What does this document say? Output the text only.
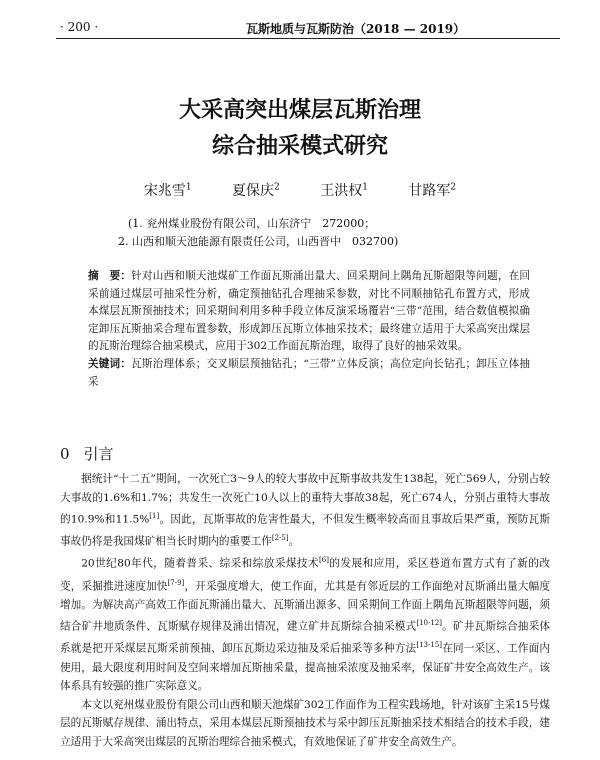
· 200 ·	瓦斯地质与瓦斯防治（2018 — 2019）
大采高突出煤层瓦斯治理
综合抽采模式研究
宋兆雪$^1$	夏保庆$^2$	王洪权$^1$	甘路军$^2$
(1. 兖州煤业股份有限公司，山东济宁　272000；
2. 山西和顺天池能源有限责任公司，山西晋中　032700)
摘　要：针对山西和顺天池煤矿工作面瓦斯涌出量大、回采期间上隅角瓦斯超限等问题，在回采前通过煤层可抽采性分析，确定预抽钻孔合理抽采参数，对比不同顺抽钻孔布置方式，形成本煤层瓦斯预抽技术；回采期间利用多种手段立体反演采场覆岩“三带”范围，结合数值模拟确定卸压瓦斯抽采合理布置参数，形成卸压瓦斯立体抽采技术；最终建立适用于大采高突出煤层的瓦斯治理综合抽采模式，应用于302工作面瓦斯治理，取得了良好的抽采效果。
关键词：瓦斯治理体系；交叉顺层预抽钻孔；“三带”立体反演；高位定向长钻孔；卸压立体抽采
0 引言

据统计“十二五”期间，一次死亡3～9人的较大事故中瓦斯事故共发生138起，死亡569人，分别占较大事故的1.6%和1.7%；共发生一次死亡10人以上的重特大事故38起，死亡674人，分别占重特大事故的10.9%和11.5%[1]。因此，瓦斯事故的危害性最大，不但发生概率较高而且事故后果严重，预防瓦斯事故仍将是我国煤矿相当长时期内的重要工作[2-5]。

20世纪80年代，随着普采、综采和综放采煤技术[6]的发展和应用，采区巷道布置方式有了新的改变，采掘推进速度加快[7-9]，开采强度增大，使工作面，尤其是有邻近层的工作面绝对瓦斯涌出量大幅度增加。为解决高产高效工作面瓦斯涌出量大、瓦斯涌出源多、回采期间工作面上隅角瓦斯超限等问题，须结合矿井地质条件、瓦斯赋存规律及涌出情况，建立矿井瓦斯综合抽采模式[10-12]。矿井瓦斯综合抽采体系就是把开采煤层瓦斯采前预抽、卸压瓦斯边采边抽及采后抽采等多种方法[13-15]在同一采区、工作面内使用，最大限度利用时间及空间来增加瓦斯抽采量，提高抽采浓度及抽采率，保证矿井安全高效生产。该体系具有较强的推广实际意义。

本文以兖州煤业股份有限公司山西和顺天池煤矿302工作面作为工程实践场地，针对该矿主采15号煤层的瓦斯赋存规律、涌出特点，采用本煤层瓦斯预抽技术与采中卸压瓦斯抽采技术相结合的技术手段，建立适用于大采高突出煤层的瓦斯治理综合抽采模式，有效地保证了矿井安全高效生产。
